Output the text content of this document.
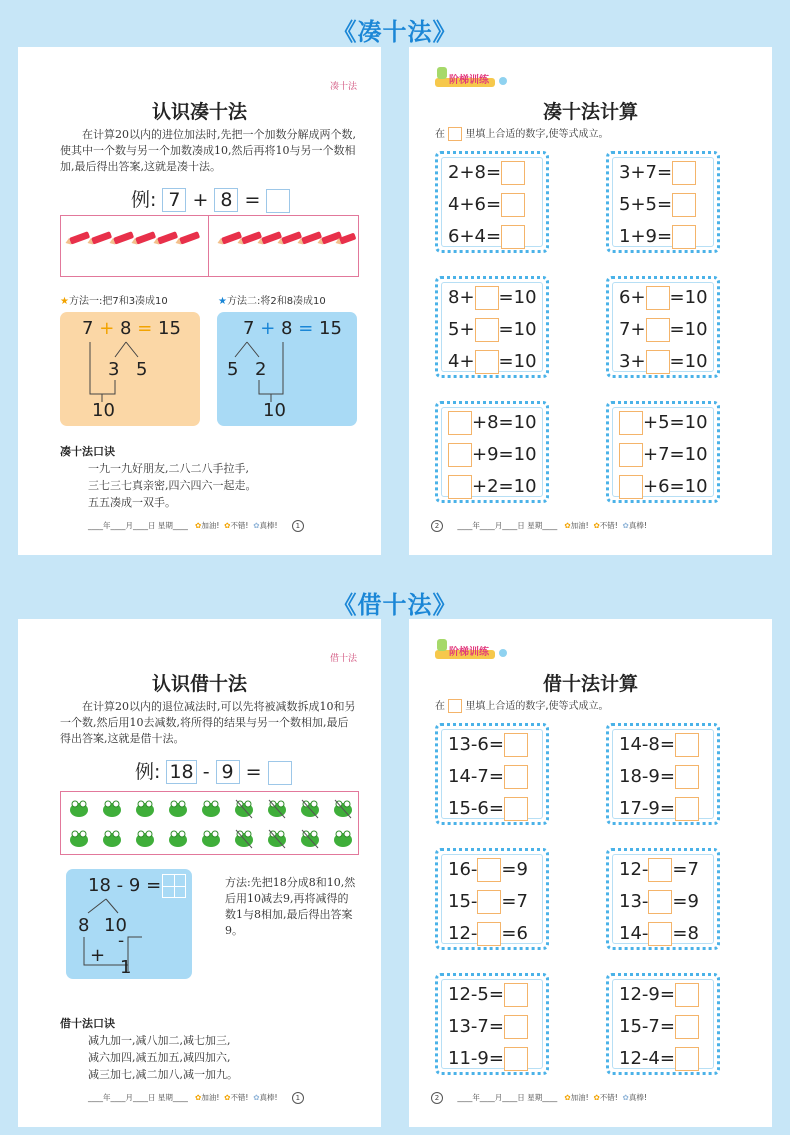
《凑十法》
凑十法
认识凑十法
在计算20以内的进位加法时,先把一个加数分解成两个数,使其中一个数与另一个加数凑成10,然后再将10与另一个数相加,最后得出答案,这就是凑十法。
例: 7 + 8 =
★方法一:把7和3凑成10	★方法二:将2和8凑成10
7 + 8 = 15
3 5
10
7 + 8 = 15
5 2
10
凑十法口诀
一九一九好朋友,二八二八手拉手,
三七三七真亲密,四六四六一起走。
五五凑成一双手。
____年____月____日 星期____ ✿加油! ✿不错! ✿真棒!	1
阶梯训练
凑十法计算
在 里填上合适的数字,使等式成立。
2+8=
4+6=
6+4=
3+7=
5+5=
1+9=
8+ =10
5+ =10
4+ =10
6+ =10
7+ =10
3+ =10
+8=10
+9=10
+2=10
+5=10
+7=10
+6=10
2 ____年____月____日 星期____ ✿加油! ✿不错! ✿真棒!
《借十法》
借十法
认识借十法
在计算20以内的退位减法时,可以先将被减数拆成10和另一个数,然后用10去减数,将所得的结果与另一个数相加,最后得出答案,这就是借十法。
例: 18 - 9 =
18 - 9 =
8 10
-
+
1
方法:先把18分成8和10,然后用10减去9,再将减得的数1与8相加,最后得出答案9。
借十法口诀
减九加一,减八加二,减七加三,
减六加四,减五加五,减四加六,
减三加七,减二加八,减一加九。
____年____月____日 星期____ ✿加油! ✿不错! ✿真棒!	1
阶梯训练
借十法计算
在 里填上合适的数字,使等式成立。
13-6=
14-7=
15-6=
14-8=
18-9=
17-9=
16- =9
15- =7
12- =6
12- =7
13- =9
14- =8
12-5=
13-7=
11-9=
12-9=
15-7=
12-4=
2 ____年____月____日 星期____ ✿加油! ✿不错! ✿真棒!
